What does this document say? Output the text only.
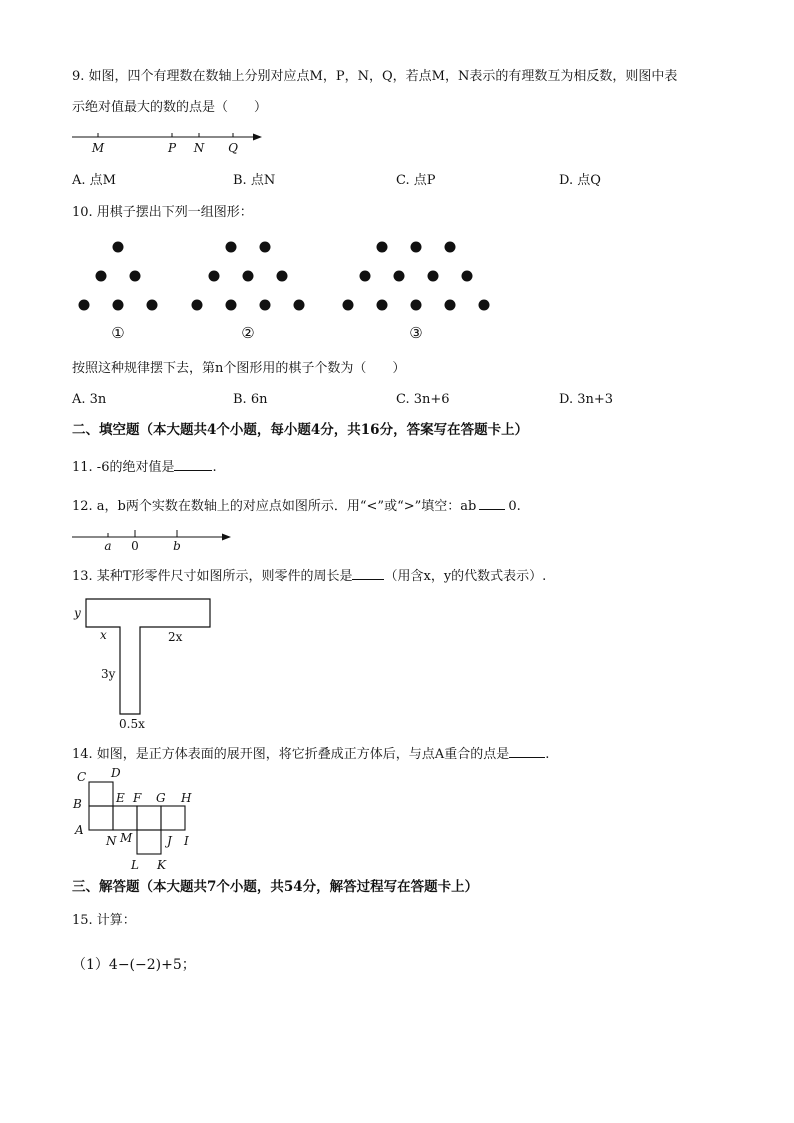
9. 如图，四个有理数在数轴上分别对应点M，P，N，Q，若点M，N表示的有理数互为相反数，则图中表
示绝对值最大的数的点是（　　）
M	P N Q
A. 点M	B. 点N	C. 点P	D. 点Q
10. 用棋子摆出下列一组图形：
①	②	③
按照这种规律摆下去，第n个图形用的棋子个数为（　　）
A. 3n	B. 6n	C. 3n+6	D. 3n+3
二、填空题（本大题共4个小题，每小题4分，共16分，答案写在答题卡上）
11. -6的绝对值是	.
12. a，b两个实数在数轴上的对应点如图所示．用“<”或“>”填空：ab 0.
a 0	b
13. 某种T形零件尺寸如图所示，则零件的周长是 （用含x，y的代数式表示）.
y
x	2x
3y
0.5x
14. 如图，是正方体表面的展开图，将它折叠成正方体后，与点A重合的点是	.
C D
B	E F G H
A
N M	J I
L K
三、解答题（本大题共7个小题，共54分，解答过程写在答题卡上）
15. 计算：
（1）4−(−2)+5；
